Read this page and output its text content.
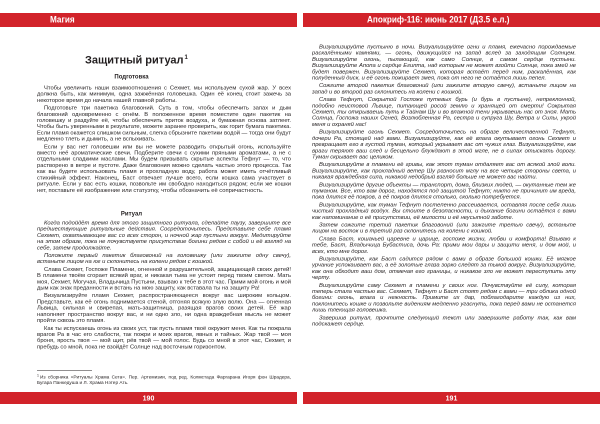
Магия
Защитный ритуал$^1$
Подготовка

Чтобы увеличить наши взаимоотношения с Сехмет, мы используем сухой жар. У всех должна быть, как минимум, одна зажжённая головешка. Один её конец стоит зажечь за некоторое время до начала нашей главной работы.

Подготовьте три пакетика благовоний. Суть в том, чтобы обеспечить запах и дым благовоний одновременно с огнём. В положенное время поместите один пакетик на головешку и раздуйте её, чтобы обеспечить приток воздуха, и бумажная основа затлеет. Чтобы быть уверенными в результате, можете заранее проверить, как горит бумага пакетика. Если пламя окажется слишком сильным, слегка сбрызните пакетики водой — тогда они будут медленно тлеть и дымить, а не вспыхивать.

Если у вас нет головешки или вы не можете разводить открытый огонь, используйте вместо неё ароматические свечи. Подберите свечи с сухими пряными ароматами, а не с отдельными сладкими маслами. Мы будем призывать скрытые аспекты Тефнут — то, что растворено в ветре и пустоте. Даже благовония можно сделать частью этого процесса. Так как вы будете использовать пламя и прохладную воду, работа может иметь отчётливый стихийный эффект. Наконец, Баст отвечает лучше всего, если кошка сама участвует в ритуале. Если у вас есть кошки, позвольте им свободно находиться рядом; если же кошки нет, поставьте её изображение или статуэтку, чтобы обозначить её сопричастность.

Ритуал

Когда подойдёт время для этого защитного ритуала, сделайте паузу, завершите все предшествующие ритуальные действия. Сосредоточьтесь. Представьте себе пламя Сехмет, охватывающее вас со всех сторон, и ночной жар пустыни вокруг. Медитируйте на этом образе, пока не почувствуете присутствие богини рядом с собой и её взгляд на себе, затем продолжайте.

Положите первый пакетик благовоний на головешку (или зажгите одну свечу), встаньте лицом на юг и склонитесь на колени рядом с кошкой.

Слава Сехмет, Госпоже Пламени, огненной и разрушительной, защищающей своих детей! В пламени твоём сгорает всякий враг, и никакая тьма не устоит перед твоим светом. Мать моя, Сехмет, Могучая, Владычица Пустыни, взываю к тебе в этот час. Прими мой огонь и мой дым как знак преданности и встань на мою защиту, как вставала ты на защиту Ра!

Визуализируйте пламя Сехмет, распространяющееся вокруг вас широким кольцом. Представьте, как её огонь поднимается стеной, отгоняя всякую злую волю. Она — огненная Львица, сильная и свирепая, мать-защитница, разящая врагов своих детей. Её жар наполняет пространство вокруг вас, и ни одно зло, ни одна враждебная мысль не может пройти сквозь это пламя.

Как ты испускаешь огонь из своих уст, так пусть пламя твоё окружит меня. Как ты пожрала врагов Ра в час его слабости, так пожри и моих врагов, явных и тайных. Жар твой — моя броня, ярость твоя — мой щит, рёв твой — мой голос. Будь со мной в этот час, Сехмет, и пребудь со мной, пока не взойдёт Солнце над восточным горизонтом.

$^1$Из сборника «Ритуалы Храма Сета». Пер. Артемизии, под ред. Колмстада Фаргарана Игоря фон Шрадера, Бугара Панкедуша и Л. Храма Нэтер Ать.

190
Апокриф-116: июнь 2017 (ДЗ.5 е.л.)

Визуализируйте пустыню в ночи. Визуализируйте огни и пламя, ежечасно порождаемые раскалёнными камнями, — огонь, движущийся на запад вслед за заходящим Солнцем. Визуализируйте огонь, пылающий, как само Солнце, в самом сердце пустыни. Визуализируйте Апопа и сердце Египта, над которым не может взойти Солнце, пока змей не будет повержен. Визуализируйте Сехмет, которая встаёт перед ним, раскалённая, как полуденный диск, и её огонь пожирает змея, пока от него не остаётся лишь пепел.

Сожгите второй пакетик благовоний (или зажгите вторую свечу), встаньте лицом на запад и во второй раз склонитесь на колени с кошкой.

Слава Тефнут, Сокрытой Госпоже путевых бурь (и бурь в пустыне), непреклонной, подобно неистовой Львице, питающей росой землю и хранящей от смерти! Сокрытая Сехмет, ты открываешь путь к Тайнам Шу и во влажной тени укрываешь нас от зноя. Мать Солнца, Госпожа наших Огней, Возлюбленная Ра, сестра и супруга Шу, Ветра и Силы, укрой меня и охраняй нас!

Визуализируйте огонь Сехмет. Сосредоточьтесь на образе величественной Тефнут, дочери Ра, стоящей над вами. Визуализируйте, как её влага окутывает огонь Сехмет и превращает его в густой туман, который укрывает вас от чужих глаз. Визуализируйте, как враги теряют ваш след и бесцельно блуждают в этой мгле, не в силах отыскать дорогу. Туман скрывает вас целиком.

Визуализируйте в пламени её гривы, как этот туман отдаляет вас от всякой злой воли. Визуализируйте, как прохладный ветер Шу разносит мглу на все четыре стороны света, и никакая враждебная сила, никакой недобрый взгляд больше не может вас найти.

Визуализируйте другие объекты — транспорт, дома, близких людей, — окутанные тем же туманом. Все, кто вам дорог, находятся под защитой Тефнут; никто не причинит им вреда, пока длится её покров, а её покров длится столько, сколько потребуется.

Визуализируйте, как туман Тефнут постепенно рассеивается, оставляя после себя лишь чистый прохладный воздух. Вы стоите в безопасности, и дыхание богини остаётся с вами как напоминание о её присутствии, её милости и её неусыпной заботе.

Затем сожгите третий пакетик благовоний (или зажгите третью свечу), встаньте лицом на восток и в третий раз склонитесь на колени с кошкой.

Слава Баст, кошачьей царевне и царице, госпоже жизни, любви и комфорта! Взываю к тебе, Баст, Владычица Бубастиса, дочь Ра: прими мои дары и защити меня, и дом мой, и всех, кто мне дорог.

Визуализируйте, как Баст садится рядом с вами в образе большой кошки. Её мягкое урчание успокаивает вас, а её золотые глаза зорко следят за тьмой вокруг. Визуализируйте, как она обходит ваш дом, отмечая его границы, и никакое зло не может переступить эту черту.

Визуализируйте саму Сехмет в пламени у своих ног. Почувствуйте её силу, которая теперь стала частью вас. Сехмет, Тефнут и Баст стоят рядом с вами — три облика одной богини: огонь, влага и нежность. Примите их дар, поблагодарите каждую из них, поклонитесь кошке и позвольте видениям медленно угаснуть, пока перед вами не останется лишь тлеющая головешка.

Завершив ритуал, прочтите следующий текст или завершите работу так, как вам подскажет сердце.

191
